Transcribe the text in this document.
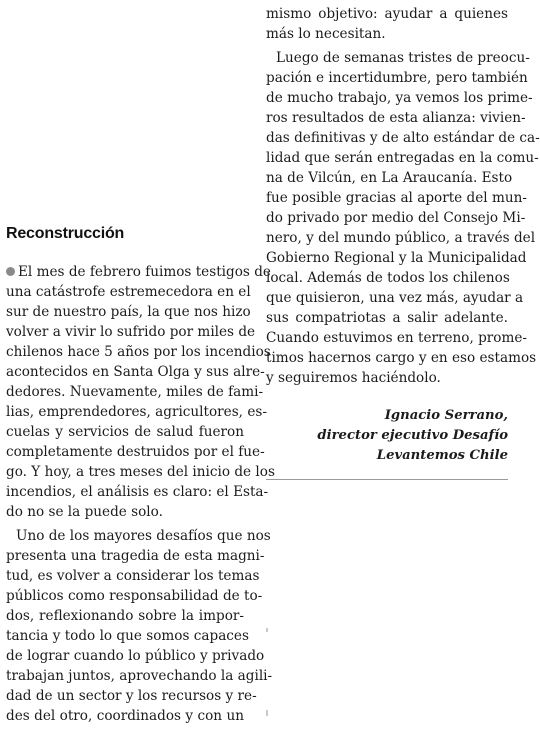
Reconstrucción
El mes de febrero fuimos testigos de
una catástrofe estremecedora en el
sur de nuestro país, la que nos hizo
volver a vivir lo sufrido por miles de
chilenos hace 5 años por los incendios
acontecidos en Santa Olga y sus alre-
dedores. Nuevamente, miles de fami-
lias, emprendedores, agricultores, es-
cuelas y servicios de salud fueron
completamente destruidos por el fue-
go. Y hoy, a tres meses del inicio de los
incendios, el análisis es claro: el Esta-
do no se la puede solo.
Uno de los mayores desafíos que nos
presenta una tragedia de esta magni-
tud, es volver a considerar los temas
públicos como responsabilidad de to-
dos, reflexionando sobre la impor-
tancia y todo lo que somos capaces
de lograr cuando lo público y privado
trabajan juntos, aprovechando la agili-
dad de un sector y los recursos y re-
des del otro, coordinados y con un
mismo objetivo: ayudar a quienes
más lo necesitan.
Luego de semanas tristes de preocu-
pación e incertidumbre, pero también
de mucho trabajo, ya vemos los prime-
ros resultados de esta alianza: vivien-
das definitivas y de alto estándar de ca-
lidad que serán entregadas en la comu-
na de Vilcún, en La Araucanía. Esto
fue posible gracias al aporte del mun-
do privado por medio del Consejo Mi-
nero, y del mundo público, a través del
Gobierno Regional y la Municipalidad
local. Además de todos los chilenos
que quisieron, una vez más, ayudar a
sus compatriotas a salir adelante.
Cuando estuvimos en terreno, prome-
timos hacernos cargo y en eso estamos
y seguiremos haciéndolo.
Ignacio Serrano,
director ejecutivo Desafío
Levantemos Chile
